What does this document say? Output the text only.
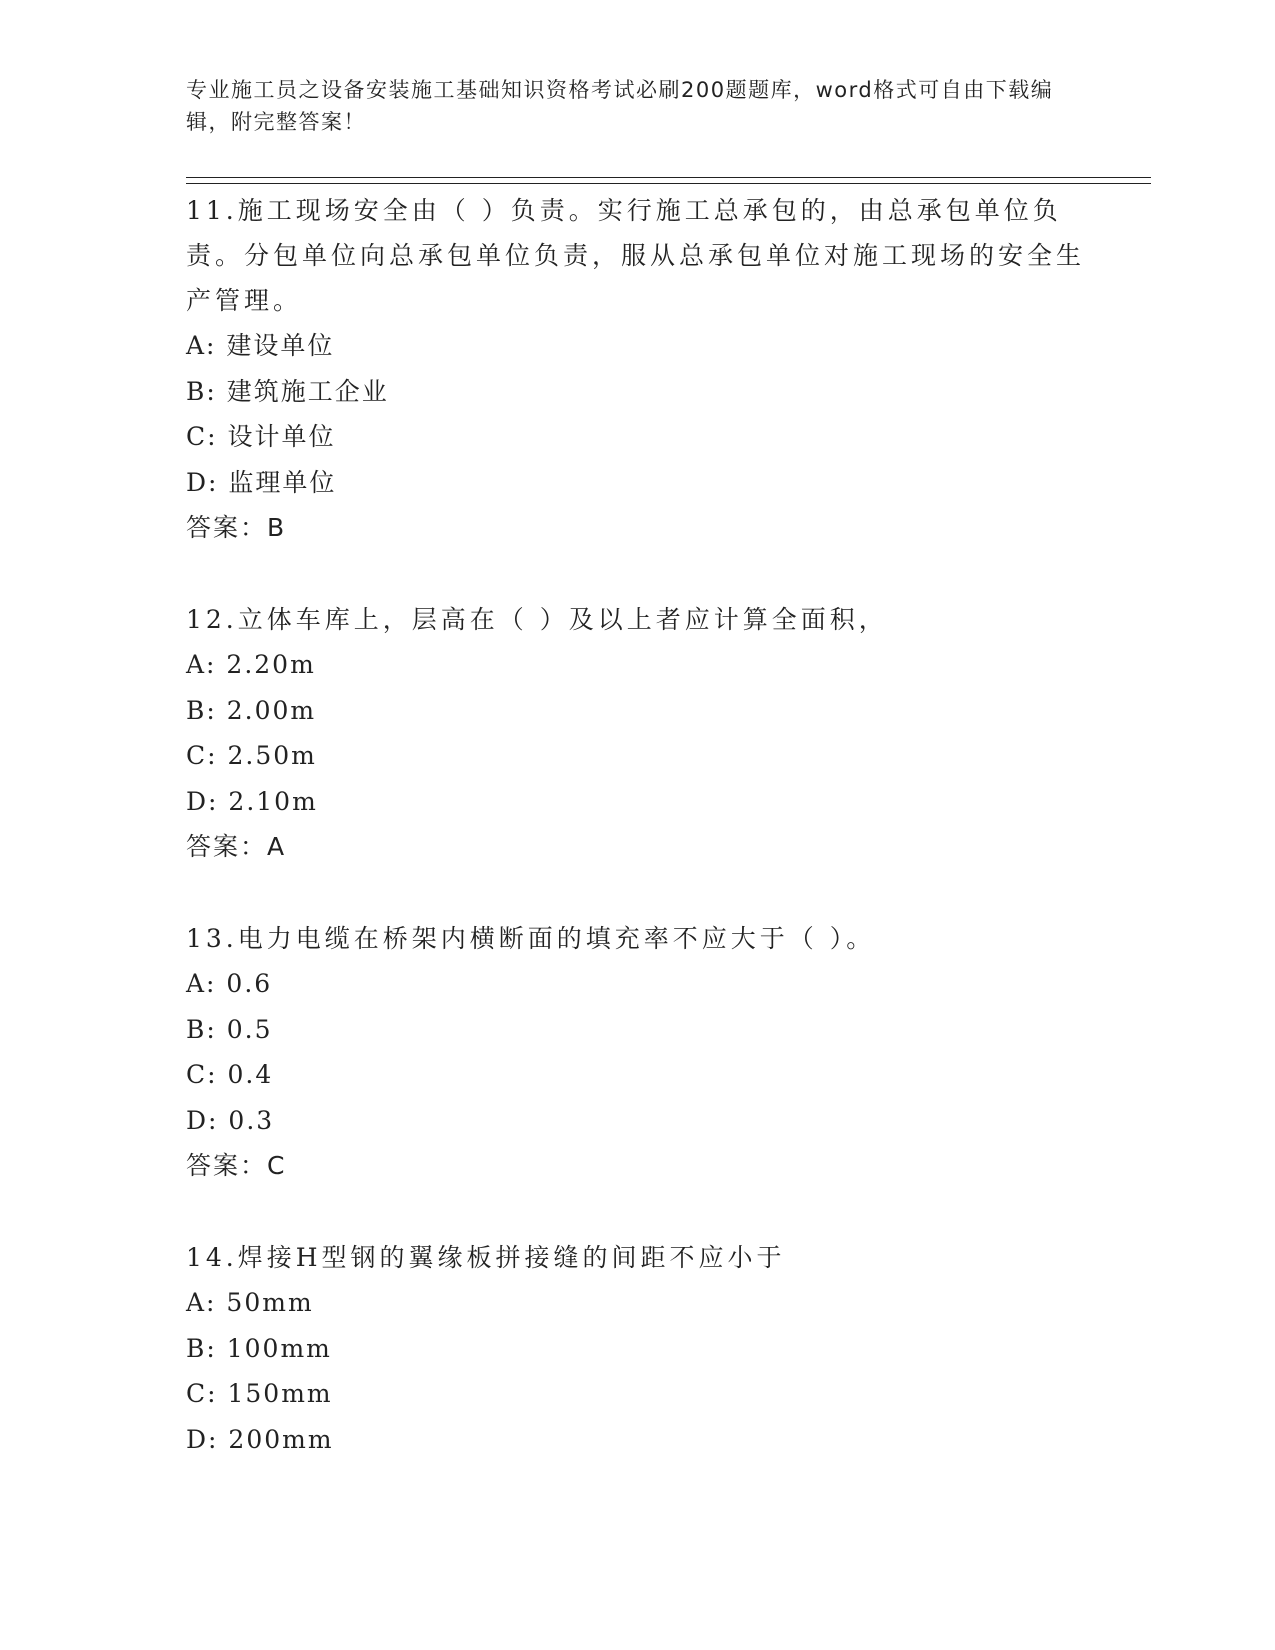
专业施工员之设备安装施工基础知识资格考试必刷200题题库，word格式可自由下载编辑，附完整答案！
11.施工现场安全由（ ）负责。实行施工总承包的，由总承包单位负责。分包单位向总承包单位负责，服从总承包单位对施工现场的安全生产管理。
A: 建设单位
B: 建筑施工企业
C: 设计单位
D: 监理单位
答案：B
12.立体车库上，层高在（ ）及以上者应计算全面积，
A: 2.20m
B: 2.00m
C: 2.50m
D: 2.10m
答案：A
13.电力电缆在桥架内横断面的填充率不应大于（ ）。
A: 0.6
B: 0.5
C: 0.4
D: 0.3
答案：C
14.焊接H型钢的翼缘板拼接缝的间距不应小于
A: 50mm
B: 100mm
C: 150mm
D: 200mm
